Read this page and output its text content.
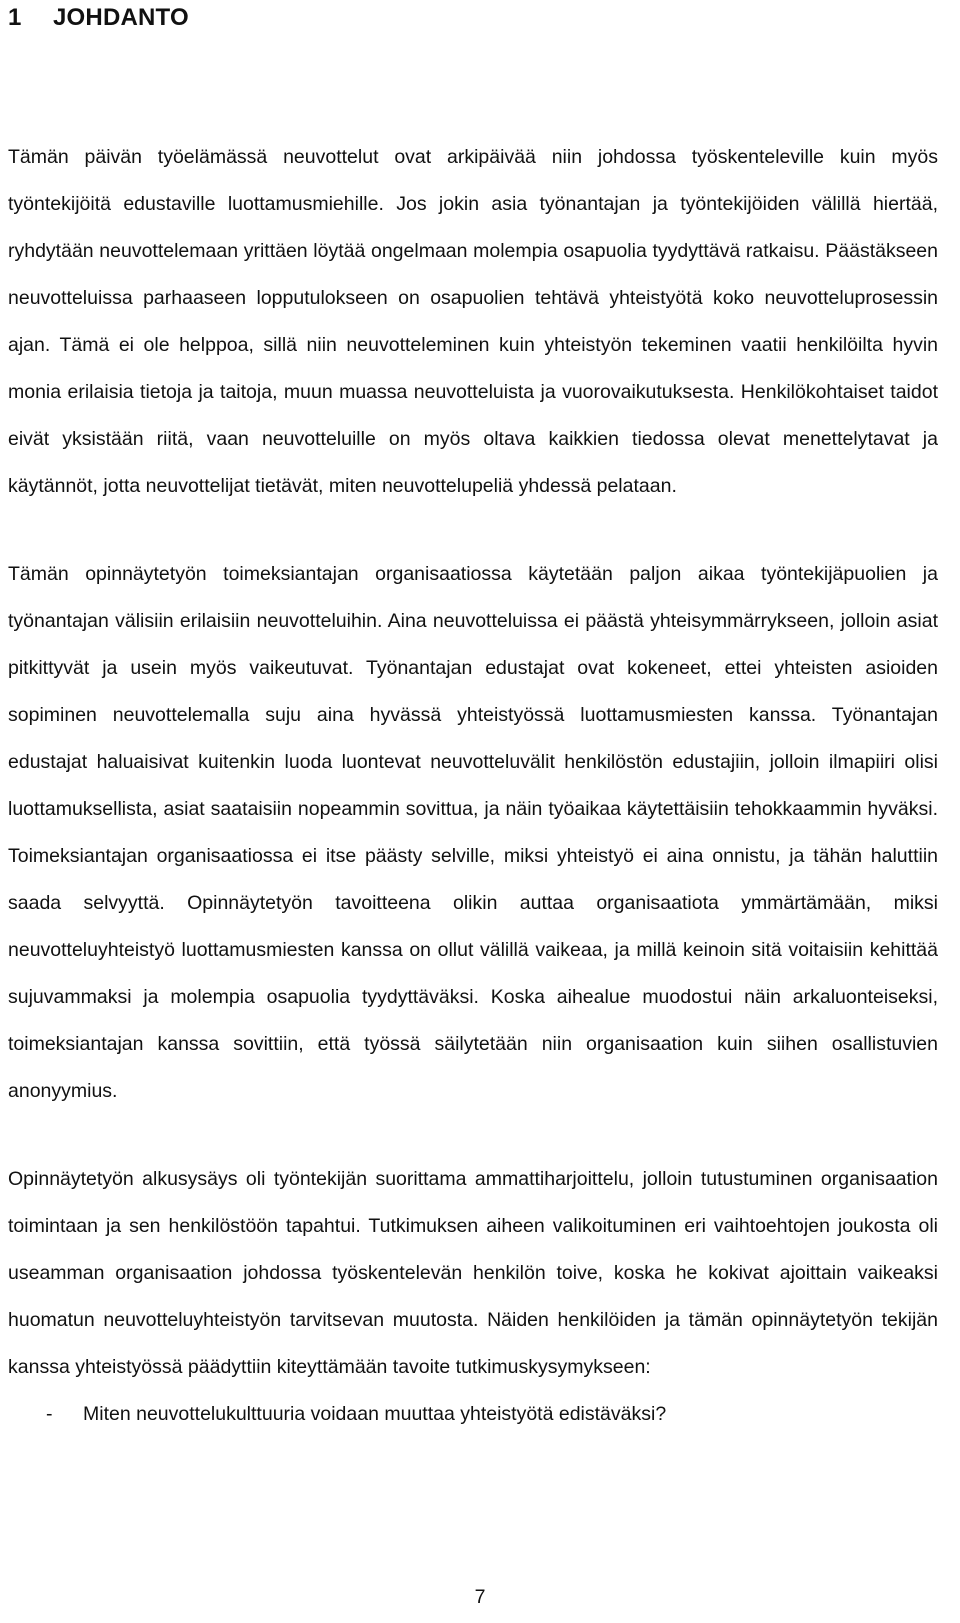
1	JOHDANTO

Tämän päivän työelämässä neuvottelut ovat arkipäivää niin johdossa työskenteleville kuin myös työntekijöitä edustaville luottamusmiehille. Jos jokin asia työnantajan ja työntekijöiden välillä hiertää, ryhdytään neuvottelemaan yrittäen löytää ongelmaan molempia osapuolia tyydyttävä ratkaisu. Päästäkseen neuvotteluissa parhaaseen lopputulokseen on osapuolien tehtävä yhteistyötä koko neuvotteluprosessin ajan. Tämä ei ole helppoa, sillä niin neuvotteleminen kuin yhteistyön tekeminen vaatii henkilöilta hyvin monia erilaisia tietoja ja taitoja, muun muassa neuvotteluista ja vuorovaikutuksesta. Henkilökohtaiset taidot eivät yksistään riitä, vaan neuvotteluille on myös oltava kaikkien tiedossa olevat menettelytavat ja käytännöt, jotta neuvottelijat tietävät, miten neuvottelupeliä yhdessä pelataan.

Tämän opinnäytetyön toimeksiantajan organisaatiossa käytetään paljon aikaa työntekijäpuolien ja työnantajan välisiin erilaisiin neuvotteluihin. Aina neuvotteluissa ei päästä yhteisymmärrykseen, jolloin asiat pitkittyvät ja usein myös vaikeutuvat. Työnantajan edustajat ovat kokeneet, ettei yhteisten asioiden sopiminen neuvottelemalla suju aina hyvässä yhteistyössä luottamusmiesten kanssa. Työnantajan edustajat haluaisivat kuitenkin luoda luontevat neuvotteluvälit henkilöstön edustajiin, jolloin ilmapiiri olisi luottamuksellista, asiat saataisiin nopeammin sovittua, ja näin työaikaa käytettäisiin tehokkaammin hyväksi. Toimeksiantajan organisaatiossa ei itse päästy selville, miksi yhteistyö ei aina onnistu, ja tähän haluttiin saada selvyyttä. Opinnäytetyön tavoitteena olikin auttaa organisaatiota ymmärtämään, miksi neuvotteluyhteistyö luottamusmiesten kanssa on ollut välillä vaikeaa, ja millä keinoin sitä voitaisiin kehittää sujuvammaksi ja molempia osapuolia tyydyttäväksi. Koska aihealue muodostui näin arkaluonteiseksi, toimeksiantajan kanssa sovittiin, että työssä säilytetään niin organisaation kuin siihen osallistuvien anonyymius.

Opinnäytetyön alkusysäys oli työntekijän suorittama ammattiharjoittelu, jolloin tutustuminen organisaation toimintaan ja sen henkilöstöön tapahtui. Tutkimuksen aiheen valikoituminen eri vaihtoehtojen joukosta oli useamman organisaation johdossa työskentelevän henkilön toive, koska he kokivat ajoittain vaikeaksi huomatun neuvotteluyhteistyön tarvitsevan muutosta. Näiden henkilöiden ja tämän opinnäytetyön tekijän kanssa yhteistyössä päädyttiin kiteyttämään tavoite tutkimuskysymykseen:

-	Miten neuvottelukulttuuria voidaan muuttaa yhteistyötä edistäväksi?
7
